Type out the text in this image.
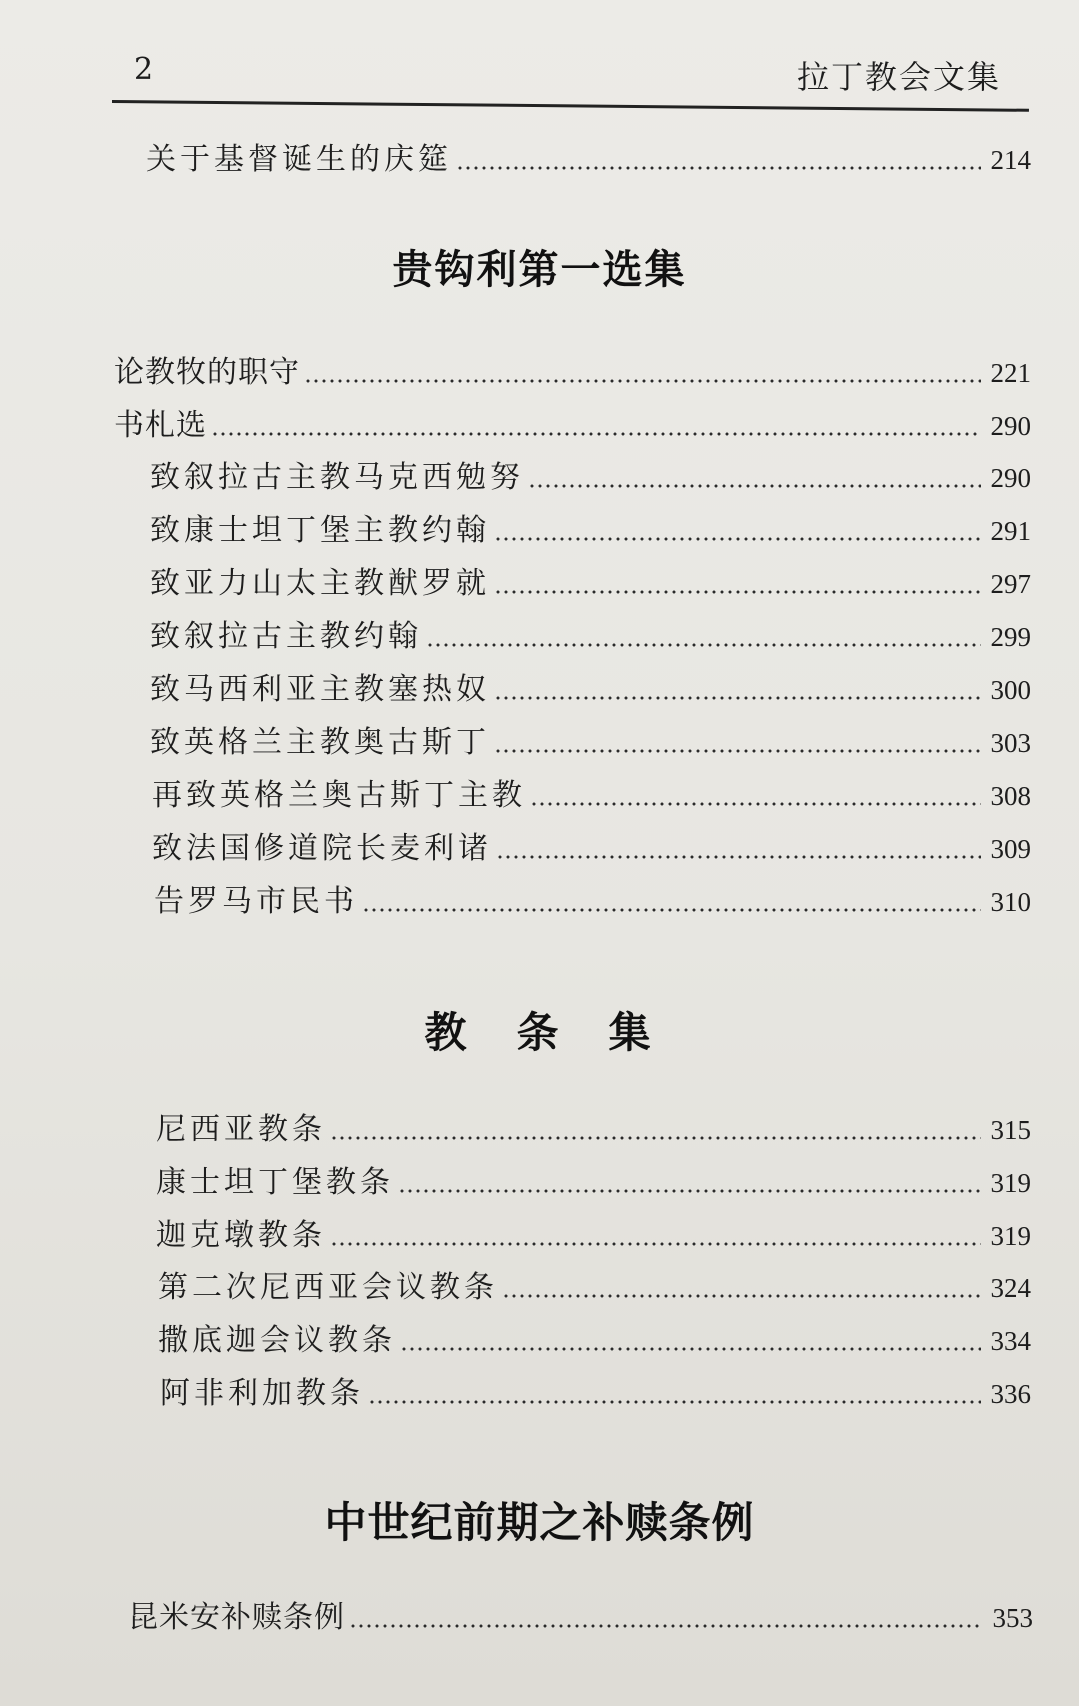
2	拉丁教会文集
关于基督诞生的庆筵	214
贵钩利第一选集
论教牧的职守	221
书札选	290
致叙拉古主教马克西勉努	290
致康士坦丁堡主教约翰	291
致亚力山太主教猷罗就	297
致叙拉古主教约翰	299
致马西利亚主教塞热奴	300
致英格兰主教奥古斯丁	303
再致英格兰奥古斯丁主教	308
致法国修道院长麦利诸	309
告罗马市民书	310
教　条　集
尼西亚教条	315
康士坦丁堡教条	319
迦克墩教条	319
第二次尼西亚会议教条	324
撒底迦会议教条	334
阿非利加教条	336
中世纪前期之补赎条例
昆米安补赎条例	353
